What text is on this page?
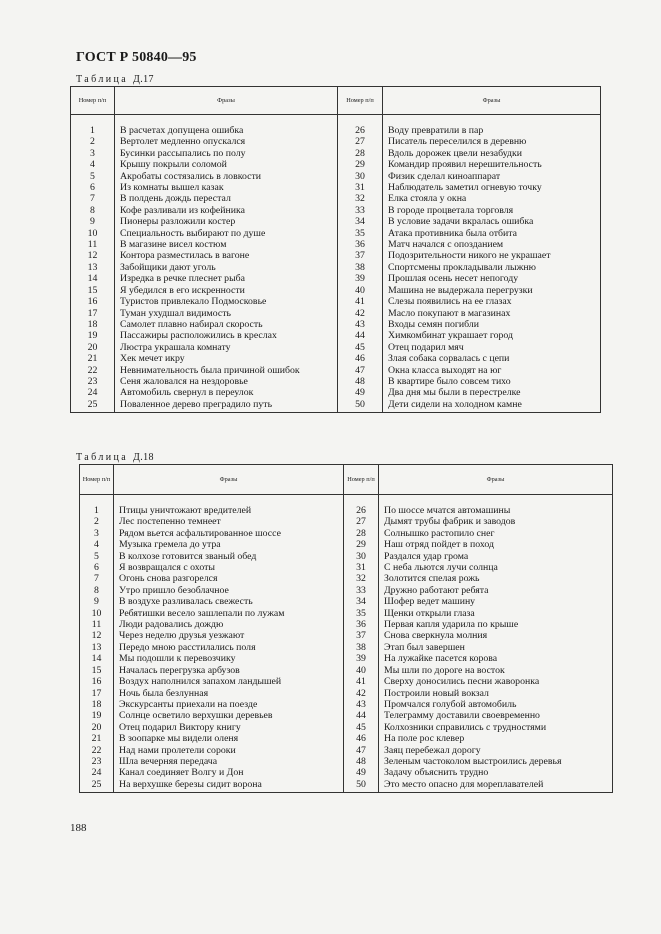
ГОСТ Р 50840—95
Таблица Д.17
Номер п/п	Фразы	Номер п/п	Фразы

1	В расчетах допущена ошибка	26	Воду превратили в пар
2	Вертолет медленно опускался	27	Писатель переселился в деревню
3	Бусинки рассыпались по полу	28	Вдоль дорожек цвели незабудки
4	Крышу покрыли соломой	29	Командир проявил нерешительность
5	Акробаты состязались в ловкости	30	Физик сделал киноаппарат
6	Из комнаты вышел казак	31	Наблюдатель заметил огневую точку
7	В полдень дождь перестал	32	Елка стояла у окна
8	Кофе разливали из кофейника	33	В городе процветала торговля
9	Пионеры разложили костер	34	В условие задачи вкралась ошибка
10	Специальность выбирают по душе	35	Атака противника была отбита
11	В магазине висел костюм	36	Матч начался с опозданием
12	Контора разместилась в вагоне	37	Подозрительности никого не украшает
13	Забойщики дают уголь	38	Спортсмены прокладывали лыжню
14	Изредка в речке плеснет рыба	39	Прошлая осень несет непогоду
15	Я убедился в его искренности	40	Машина не выдержала перегрузки
16	Туристов привлекало Подмосковье	41	Слезы появились на ее глазах
17	Туман ухудшал видимость	42	Масло покупают в магазинах
18	Самолет плавно набирал скорость	43	Входы семян погибли
19	Пассажиры расположились в креслах	44	Химкомбинат украшает город
20	Люстра украшала комнату	45	Отец подарил мяч
21	Хек мечет икру	46	Злая собака сорвалась с цепи
22	Невнимательность была причиной ошибок	47	Окна класса выходят на юг
23	Сеня жаловался на нездоровье	48	В квартире было совсем тихо
24	Автомобиль свернул в переулок	49	Два дня мы были в перестрелке
25	Поваленное дерево преградило путь	50	Дети сидели на холодном камне
Таблица Д.18
Номер п/п	Фразы	Номер п/п	Фразы

1	Птицы уничтожают вредителей	26	По шоссе мчатся автомашины
2	Лес постепенно темнеет	27	Дымят трубы фабрик и заводов
3	Рядом вьется асфальтированное шоссе	28	Солнышко растопило снег
4	Музыка гремела до утра	29	Наш отряд пойдет в поход
5	В колхозе готовится званый обед	30	Раздался удар грома
6	Я возвращался с охоты	31	С неба льются лучи солнца
7	Огонь снова разгорелся	32	Золотится спелая рожь
8	Утро пришло безоблачное	33	Дружно работают ребята
9	В воздухе разливалась свежесть	34	Шофер ведет машину
10	Ребятишки весело зашлепали по лужам	35	Щенки открыли глаза
11	Люди радовались дождю	36	Первая капля ударила по крыше
12	Через неделю друзья уезжают	37	Снова сверкнула молния
13	Передо мною расстилались поля	38	Этап был завершен
14	Мы подошли к перевозчику	39	На лужайке пасется корова
15	Началась перегрузка арбузов	40	Мы шли по дороге на восток
16	Воздух наполнился запахом ландышей	41	Сверху доносились песни жаворонка
17	Ночь была безлунная	42	Построили новый вокзал
18	Экскурсанты приехали на поезде	43	Промчался голубой автомобиль
19	Солнце осветило верхушки деревьев	44	Телеграмму доставили своевременно
20	Отец подарил Виктору книгу	45	Колхозники справились с трудностями
21	В зоопарке мы видели оленя	46	На поле рос клевер
22	Над нами пролетели сороки	47	Заяц перебежал дорогу
23	Шла вечерняя передача	48	Зеленым частоколом выстроились деревья
24	Канал соединяет Волгу и Дон	49	Задачу объяснить трудно
25	На верхушке березы сидит ворона	50	Это место опасно для мореплавателей
188
